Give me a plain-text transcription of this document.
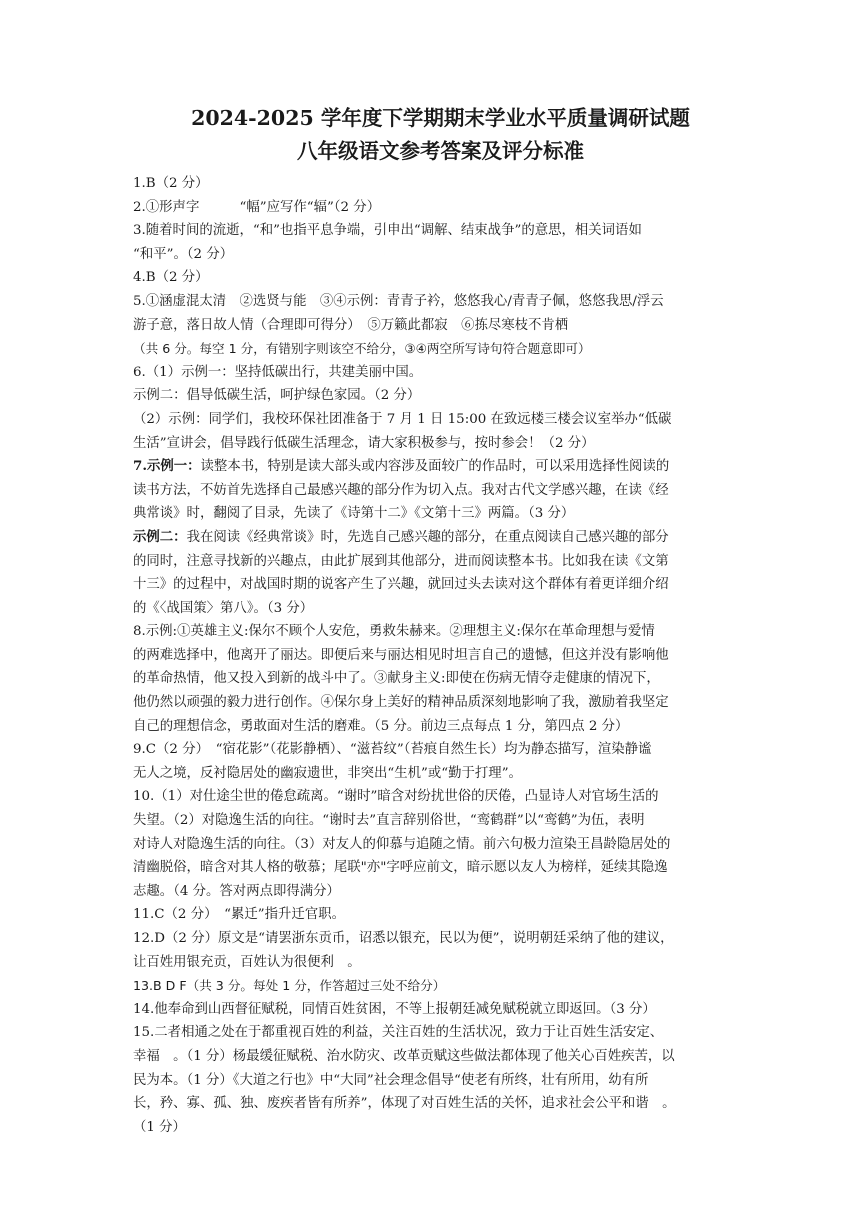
2024-2025 学年度下学期期末学业水平质量调研试题
八年级语文参考答案及评分标准
1.B（2 分）
2.①形声字　　　“幅”应写作“辐”（2 分）
3.随着时间的流逝，“和”也指平息争端，引申出“调解、结束战争”的意思，相关词语如
“和平”。（2 分）
4.B（2 分）
5.①涵虚混太清　②选贤与能　③④示例：青青子衿，悠悠我心/青青子佩，悠悠我思/浮云
游子意，落日故人情（合理即可得分）　⑤万籁此都寂　⑥拣尽寒枝不肯栖
（共 6 分。每空 1 分，有错别字则该空不给分，③④两空所写诗句符合题意即可）
6.（1）示例一：坚持低碳出行，共建美丽中国。
示例二：倡导低碳生活，呵护绿色家园。（2 分）
（2）示例：同学们，我校环保社团准备于 7 月 1 日 15:00 在致远楼三楼会议室举办“低碳
生活”宣讲会，倡导践行低碳生活理念，请大家积极参与，按时参会！（2 分）
7.示例一：读整本书，特别是读大部头或内容涉及面较广的作品时，可以采用选择性阅读的
读书方法，不妨首先选择自己最感兴趣的部分作为切入点。我对古代文学感兴趣，在读《经
典常谈》时，翻阅了目录，先读了《诗第十二》《文第十三》两篇。（3 分）
示例二：我在阅读《经典常谈》时，先选自己感兴趣的部分，在重点阅读自己感兴趣的部分
的同时，注意寻找新的兴趣点，由此扩展到其他部分，进而阅读整本书。比如我在读《文第
十三》的过程中，对战国时期的说客产生了兴趣，就回过头去读对这个群体有着更详细介绍
的《〈战国策〉第八》。（3 分）
8.示例:①英雄主义:保尔不顾个人安危，勇救朱赫来。②理想主义:保尔在革命理想与爱情
的两难选择中，他离开了丽达。即便后来与丽达相见时坦言自己的遗憾，但这并没有影响他
的革命热情，他又投入到新的战斗中了。③献身主义:即使在伤病无情夺走健康的情况下，
他仍然以顽强的毅力进行创作。④保尔身上美好的精神品质深刻地影响了我，激励着我坚定
自己的理想信念，勇敢面对生活的磨难。（5 分。前边三点每点 1 分，第四点 2 分）
9.C（2 分）　“宿花影”（花影静栖）、“滋苔纹”（苔痕自然生长）均为静态描写，渲染静谧
无人之境，反衬隐居处的幽寂遗世，非突出“生机”或“勤于打理”。
10.（1）对仕途尘世的倦怠疏离。“谢时”暗含对纷扰世俗的厌倦，凸显诗人对官场生活的
失望。（2）对隐逸生活的向往。“谢时去”直言辞别俗世，“鸾鹤群”以“鸾鹤”为伍，表明
对诗人对隐逸生活的向往。（3）对友人的仰慕与追随之情。前六句极力渲染王昌龄隐居处的
清幽脱俗，暗含对其人格的敬慕；尾联"亦"字呼应前文，暗示愿以友人为榜样，延续其隐逸
志趣。（4 分。答对两点即得满分）
11.C（2 分）　“累迁”指升迁官职。
12.D（2 分）原文是“请罢浙东贡币，诏悉以银充，民以为便”，说明朝廷采纳了他的建议，
让百姓用银充贡，百姓认为很便利　。
13.B D F（共 3 分。每处 1 分，作答超过三处不给分）
14.他奉命到山西督征赋税，同情百姓贫困，不等上报朝廷减免赋税就立即返回。（3 分）
15.二者相通之处在于都重视百姓的利益，关注百姓的生活状况，致力于让百姓生活安定、
幸福　。（1 分）杨最缓征赋税、治水防灾、改革贡赋这些做法都体现了他关心百姓疾苦，以
民为本。（1 分）《大道之行也》中“大同”社会理念倡导“使老有所终，壮有所用，幼有所
长，矜、寡、孤、独、废疾者皆有所养”，体现了对百姓生活的关怀，追求社会公平和谐　。
（1 分）
